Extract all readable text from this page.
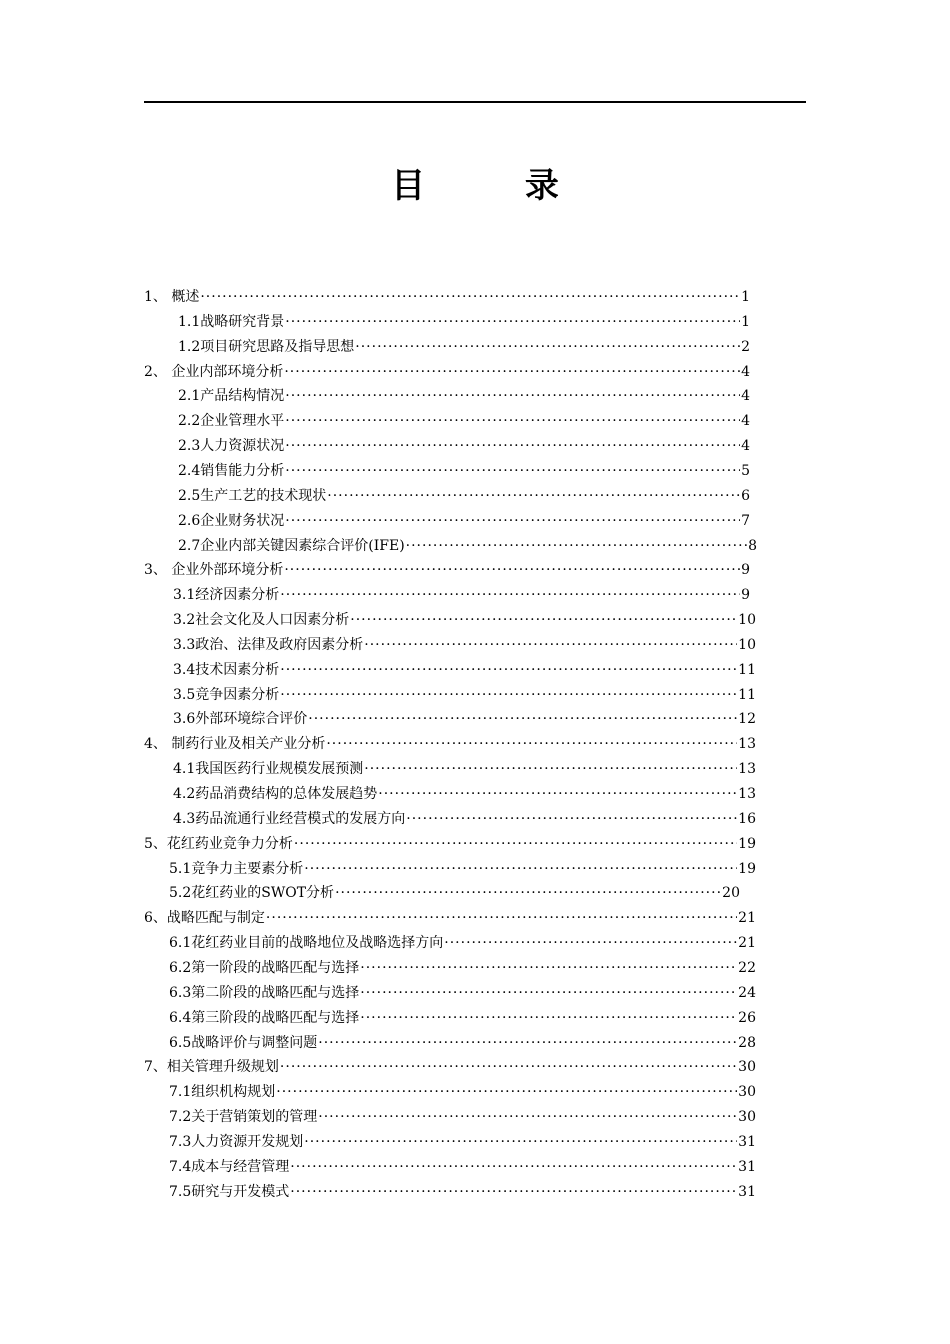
目 录
1、 概述 ·····	1
1.1战略研究背景 ·····	1
1.2项目研究思路及指导思想 ·····	2
2、 企业内部环境分析 ·····	4
2.1产品结构情况 ·····	4
2.2企业管理水平 ·····	4
2.3人力资源状况 ·····	4
2.4销售能力分析 ·····	5
2.5生产工艺的技术现状 ·····	6
2.6企业财务状况 ·····	7
2.7企业内部关键因素综合评价(IFE) ·····	8
3、 企业外部环境分析 ·····	9
3.1经济因素分析 ·····	9
3.2社会文化及人口因素分析 ·····	10
3.3政治、法律及政府因素分析 ·····	10
3.4技术因素分析 ·····	11
3.5竞争因素分析 ·····	11
3.6外部环境综合评价 ·····	12
4、 制药行业及相关产业分析 ·····	13
4.1我国医药行业规模发展预测 ·····	13
4.2药品消费结构的总体发展趋势 ·····	13
4.3药品流通行业经营模式的发展方向 ·····	16
5、花红药业竞争力分析 ·····	19
5.1竞争力主要素分析 ·····	19
5.2花红药业的SWOT分析 ·····	20
6、战略匹配与制定 ·····	21
6.1花红药业目前的战略地位及战略选择方向 ·····	21
6.2第一阶段的战略匹配与选择 ·····	22
6.3第二阶段的战略匹配与选择 ·····	24
6.4第三阶段的战略匹配与选择 ·····	26
6.5战略评价与调整问题 ·····	28
7、相关管理升级规划 ·····	30
7.1组织机构规划 ·····	30
7.2关于营销策划的管理 ·····	30
7.3人力资源开发规划 ·····	31
7.4成本与经营管理 ·····	31
7.5研究与开发模式 ·····	31
